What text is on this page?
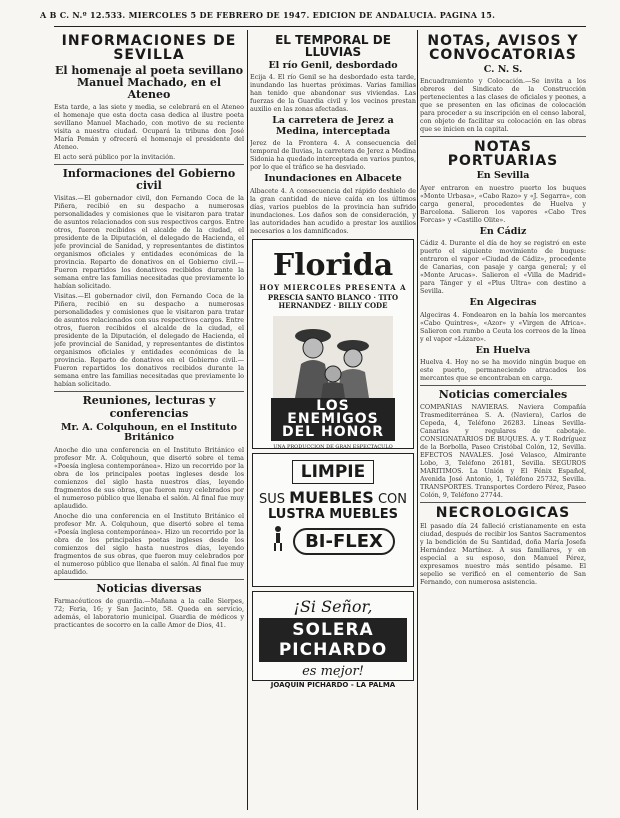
A B C. N.º 12.533. MIERCOLES 5 DE FEBRERO DE 1947. EDICION DE ANDALUCIA. PAGINA 15.
INFORMACIONES DE SEVILLA
El homenaje al poeta sevillano Manuel Machado, en el Ateneo

Esta tarde, a las siete y media, se celebrará en el Ateneo el homenaje que esta docta casa dedica al ilustre poeta sevillano Manuel Machado, con motivo de su reciente visita a nuestra ciudad. Ocupará la tribuna don José María Pemán y ofrecerá el homenaje el presidente del Ateneo.

El acto será público por la invitación.

Informaciones del Gobierno civil

Visitas.—El gobernador civil, don Fernando Coca de la Piñera, recibió en su despacho a numerosas personalidades y comisiones que le visitaron para tratar de asuntos relacionados con sus respectivos cargos. Entre otros, fueron recibidos el alcalde de la ciudad, el presidente de la Diputación, el delegado de Hacienda, el jefe provincial de Sanidad, y representantes de distintos organismos oficiales y entidades económicas de la provincia. Reparto de donativos en el Gobierno civil.—Fueron repartidos los donativos recibidos durante la semana entre las familias necesitadas que previamente lo habían solicitado.

Visitas.—El gobernador civil, don Fernando Coca de la Piñera, recibió en su despacho a numerosas personalidades y comisiones que le visitaron para tratar de asuntos relacionados con sus respectivos cargos. Entre otros, fueron recibidos el alcalde de la ciudad, el presidente de la Diputación, el delegado de Hacienda, el jefe provincial de Sanidad, y representantes de distintos organismos oficiales y entidades económicas de la provincia. Reparto de donativos en el Gobierno civil.—Fueron repartidos los donativos recibidos durante la semana entre las familias necesitadas que previamente lo habían solicitado.

Reuniones, lecturas y conferencias
Mr. A. Colquhoun, en el Instituto Británico

Anoche dio una conferencia en el Instituto Británico el profesor Mr. A. Colquhoun, que disertó sobre el tema «Poesía inglesa contemporánea». Hizo un recorrido por la obra de los principales poetas ingleses desde los comienzos del siglo hasta nuestros días, leyendo fragmentos de sus obras, que fueron muy celebrados por el numeroso público que llenaba el salón. Al final fue muy aplaudido.

Anoche dio una conferencia en el Instituto Británico el profesor Mr. A. Colquhoun, que disertó sobre el tema «Poesía inglesa contemporánea». Hizo un recorrido por la obra de los principales poetas ingleses desde los comienzos del siglo hasta nuestros días, leyendo fragmentos de sus obras, que fueron muy celebrados por el numeroso público que llenaba el salón. Al final fue muy aplaudido.

Noticias diversas

Farmacéuticos de guardia.—Mañana a la calle Sierpes, 72; Feria, 16; y San Jacinto, 58. Queda en servicio, además, el laboratorio municipal. Guardia de médicos y practicantes de socorro en la calle Amor de Dios, 41.

EL TEMPORAL DE LLUVIAS
El río Genil, desbordado

Ecija 4. El río Genil se ha desbordado esta tarde, inundando las huertas próximas. Varias familias han tenido que abandonar sus viviendas. Las fuerzas de la Guardia civil y los vecinos prestan auxilio en las zonas afectadas.

La carretera de Jerez a Medina, interceptada

Jerez de la Frontera 4. A consecuencia del temporal de lluvias, la carretera de Jerez a Medina Sidonia ha quedado interceptada en varios puntos, por lo que el tráfico se ha desviado.

Inundaciones en Albacete

Albacete 4. A consecuencia del rápido deshielo de la gran cantidad de nieve caída en los últimos días, varios pueblos de la provincia han sufrido inundaciones. Los daños son de consideración, y las autoridades han acudido a prestar los auxilios necesarios a los damnificados.

Florida
HOY MIERCOLES PRESENTA A
PRESCIA SANTO BLANCO · TITO HERNANDEZ · BILLY CODE
LOS ENEMIGOS DEL HONOR
UNA PRODUCCION DE GRAN ESPECTACULO
LIMPIE
SUS MUEBLES CON
LUSTRA MUEBLES
BI-FLEX
¡Si Señor,
SOLERA PICHARDO
es mejor!
JOAQUIN PICHARDO - LA PALMA
NOTAS, AVISOS Y CONVOCATORIAS
C. N. S.

Encuadramiento y Colocación.—Se invita a los obreros del Sindicato de la Construcción pertenecientes a las clases de oficiales y peones, a que se presenten en las oficinas de colocación para proceder a su inscripción en el censo laboral, con objeto de facilitar su colocación en las obras que se inicien en la capital.

NOTAS PORTUARIAS
En Sevilla

Ayer entraron en nuestro puerto los buques «Monte Urbasa», «Cabo Razo» y «J. Segarra», con carga general, procedentes de Huelva y Barcelona. Salieron los vapores «Cabo Tres Forcas» y «Castillo Olite».

En Cádiz

Cádiz 4. Durante el día de hoy se registró en este puerto el siguiente movimiento de buques: entraron el vapor «Ciudad de Cádiz», procedente de Canarias, con pasaje y carga general; y el «Monte Arucas». Salieron el «Villa de Madrid» para Tánger y el «Plus Ultra» con destino a Sevilla.

En Algeciras

Algeciras 4. Fondearon en la bahía los mercantes «Cabo Quintres», «Azor» y «Virgen de Africa». Salieron con rumbo a Ceuta los correos de la línea y el vapor «Lázaro».

En Huelva

Huelva 4. Hoy no se ha movido ningún buque en este puerto, permaneciendo atracados los mercantes que se encontraban en carga.

Noticias comerciales

COMPAÑIAS NAVIERAS. Naviera Compañía Trasmediterránea S. A. (Naviera), Carlos de Cepeda, 4, Teléfono 26283. Líneas Sevilla-Canarias y regulares de cabotaje. CONSIGNATARIOS DE BUQUES. A. y T. Rodríguez de la Borbolla, Paseo Cristóbal Colón, 12, Sevilla. EFECTOS NAVALES. José Velasco, Almirante Lobo, 3, Teléfono 26181, Sevilla. SEGUROS MARITIMOS. La Unión y El Fénix Español, Avenida José Antonio, 1, Teléfono 25732, Sevilla. TRANSPORTES. Transportes Cordero Pérez, Paseo Colón, 9, Teléfono 27744.

NECROLOGICAS

El pasado día 24 falleció cristianamente en esta ciudad, después de recibir los Santos Sacramentos y la bendición de Su Santidad, doña María Josefa Hernández Martínez. A sus familiares, y en especial a su esposo, don Manuel Pérez, expresamos nuestro más sentido pésame. El sepelio se verificó en el cementerio de San Fernando, con numerosa asistencia.
